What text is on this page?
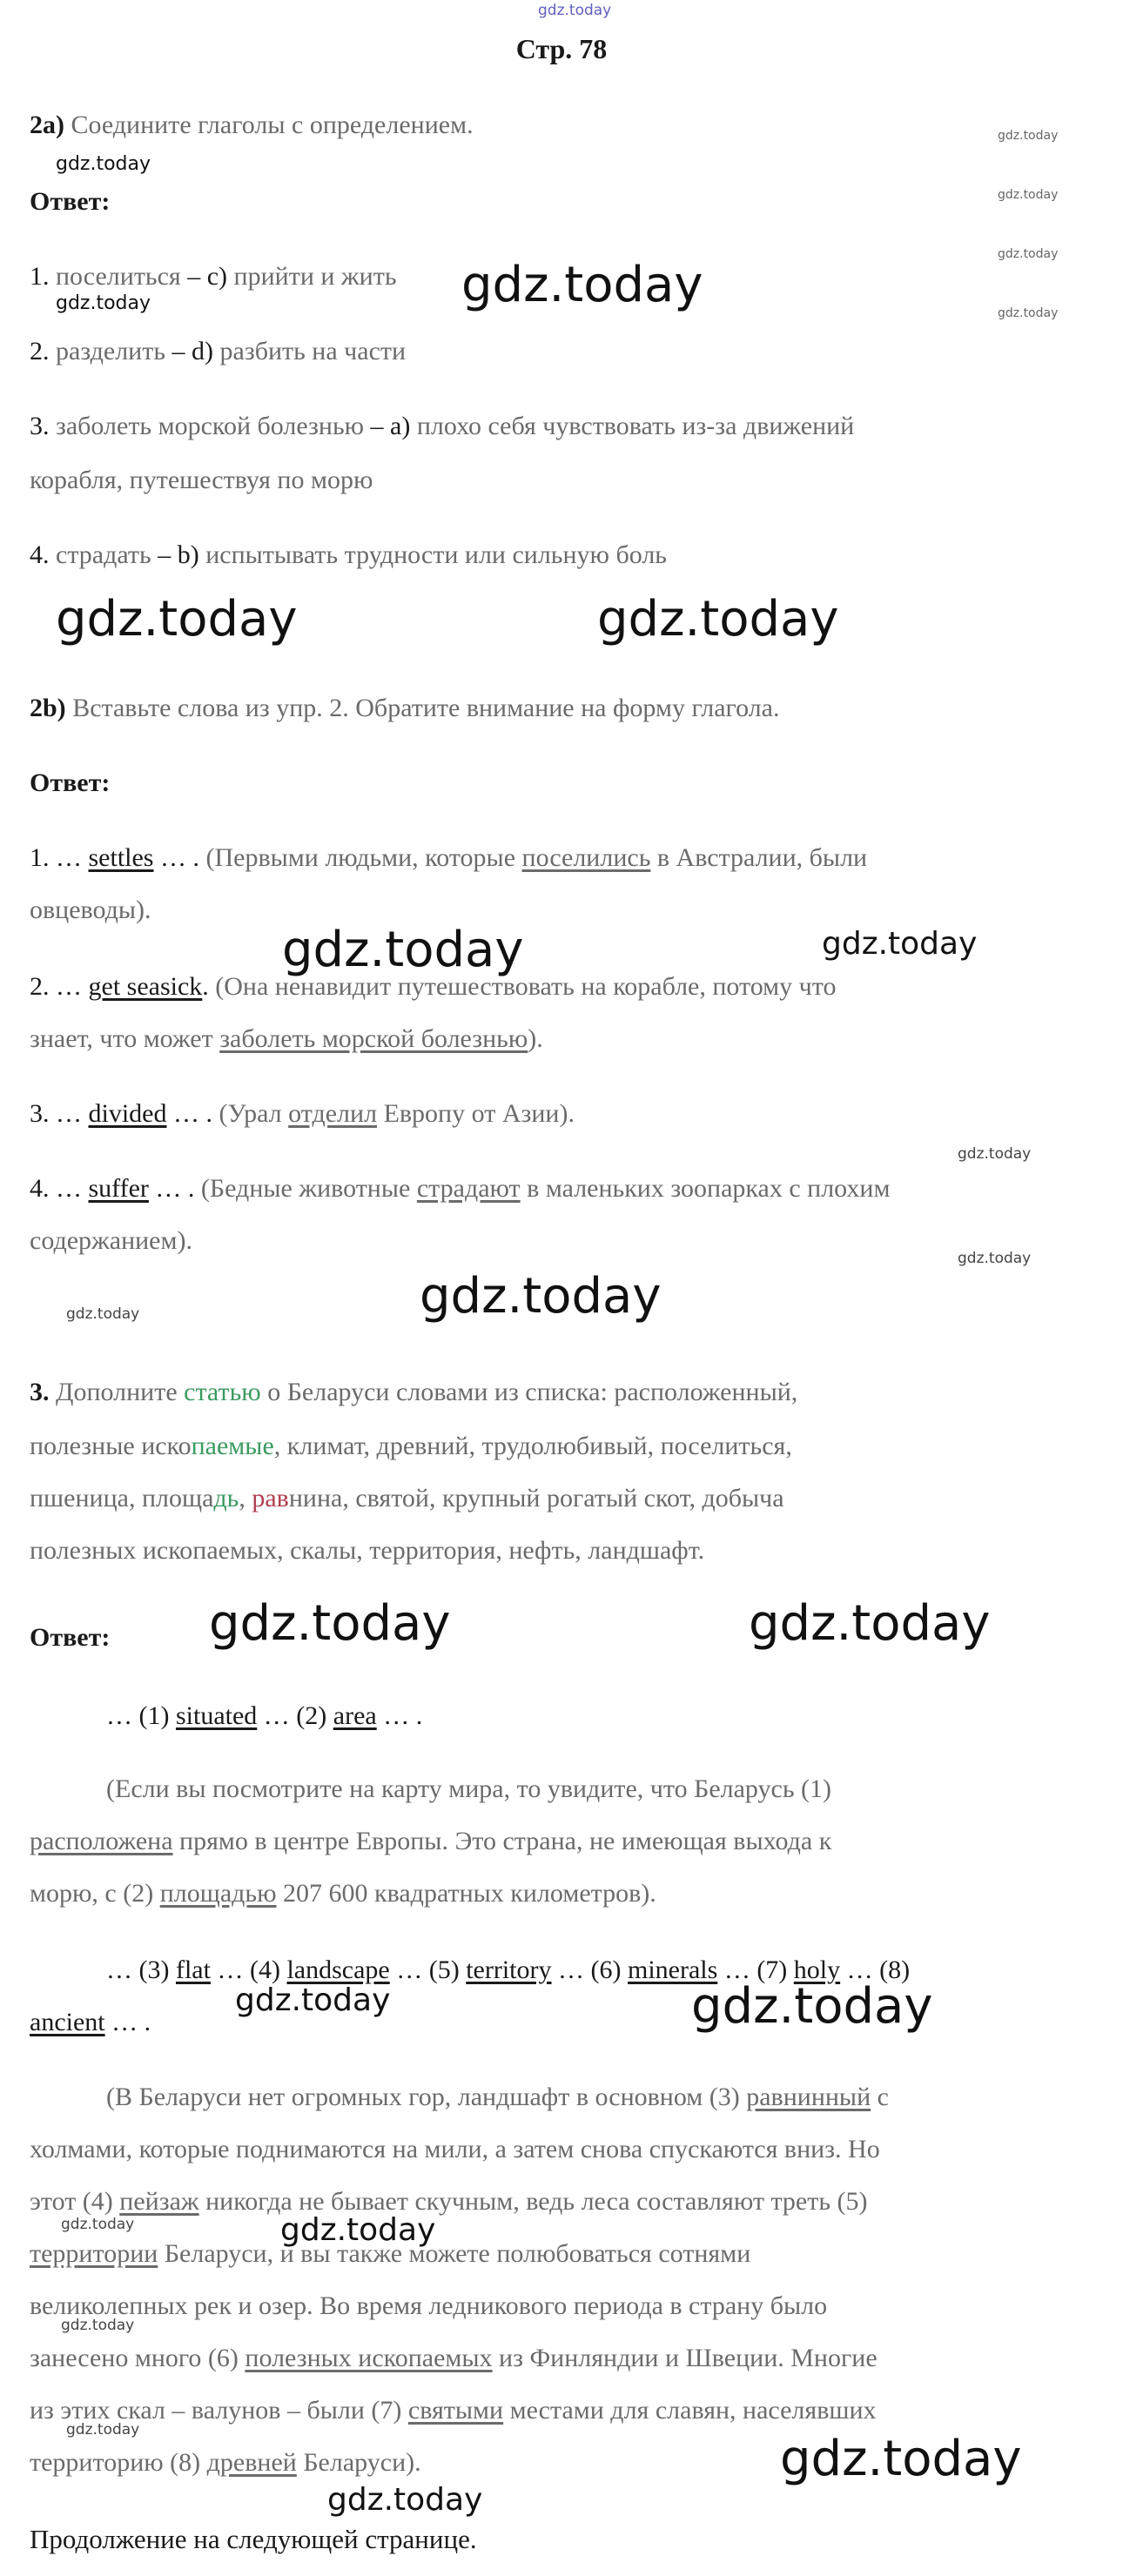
gdz.today
Стр. 78
2a) Соедините глаголы с определением.
gdz.today
Ответ:
1. поселиться – c) прийти и жить gdz.today
gdz.today
2. разделить – d) разбить на части
3. заболеть морской болезнью – a) плохо себя чувствовать из-за движений
корабля, путешествуя по морю
4. страдать – b) испытывать трудности или сильную боль
gdz.today	gdz.today
2b) Вставьте слова из упр. 2. Обратите внимание на форму глагола.
Ответ:
1. … settles … . (Первыми людьми, которые поселились в Австралии, были
овцеводы).
gdz.today	gdz.today
2. … get seasick. (Она ненавидит путешествовать на корабле, потому что
знает, что может заболеть морской болезнью).
3. … divided … . (Урал отделил Европу от Азии).
4. … suffer … . (Бедные животные страдают в маленьких зоопарках с плохим
содержанием).
gdz.today
3. Дополните статью о Беларуси словами из списка: расположенный,
полезные ископаемые, климат, древний, трудолюбивый, поселиться,
пшеница, площадь, равнина, святой, крупный рогатый скот, добыча
полезных ископаемых, скалы, территория, нефть, ландшафт.
Ответ: gdz.today	gdz.today
… (1) situated … (2) area … .
(Если вы посмотрите на карту мира, то увидите, что Беларусь (1)
расположена прямо в центре Европы. Это страна, не имеющая выхода к
морю, с (2) площадью 207 600 квадратных километров).
… (3) flat … (4) landscape … (5) territory … (6) minerals … (7) holy … (8)
gdz.today	gdz.today
ancient … .
(В Беларуси нет огромных гор, ландшафт в основном (3) равнинный с
холмами, которые поднимаются на мили, а затем снова спускаются вниз. Но
этот (4) пейзаж никогда не бывает скучным, ведь леса составляют треть (5)
gdz.today
территории Беларуси, и вы также можете полюбоваться сотнями
великолепных рек и озер. Во время ледникового периода в страну было
занесено много (6) полезных ископаемых из Финляндии и Швеции. Многие
из этих скал – валунов – были (7) святыми местами для славян, населявших
территорию (8) древней Беларуси).	gdz.today
gdz.today
Продолжение на следующей странице.
gdz.today
gdz.today
gdz.today
gdz.today
gdz.today
gdz.today
gdz.today
gdz.today
gdz.today
gdz.today
